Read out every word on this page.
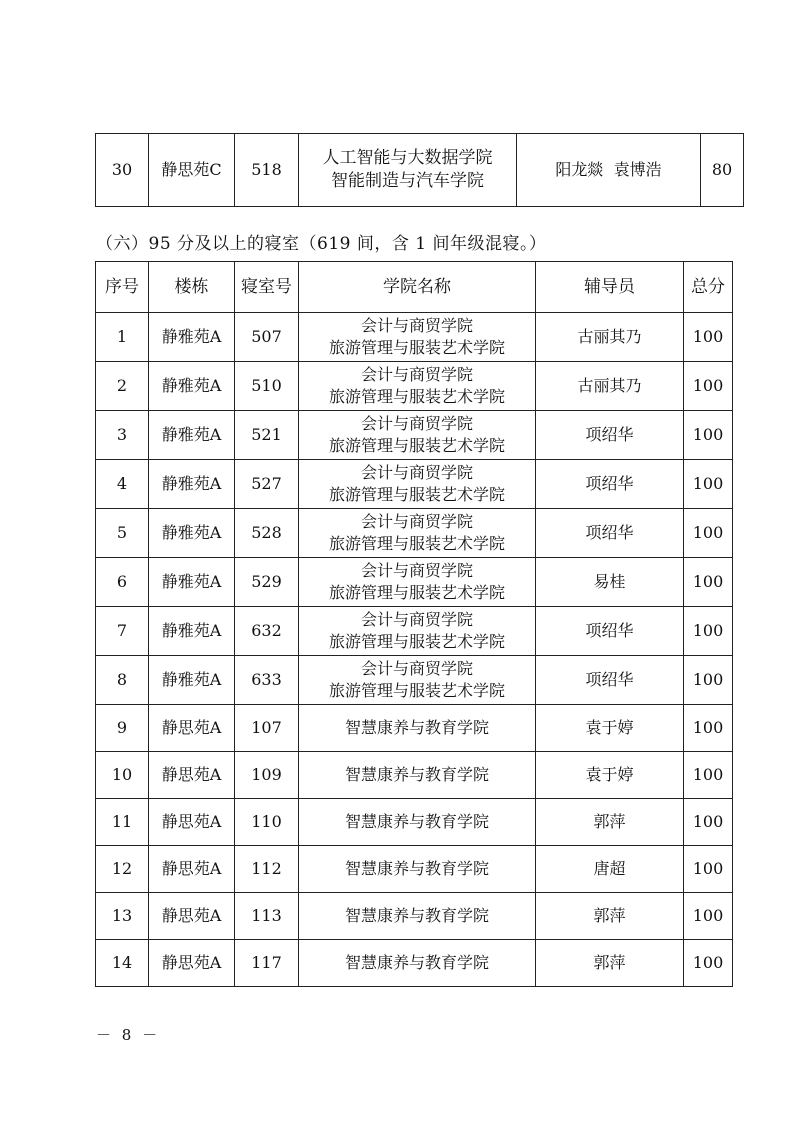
30	静思苑C	518	
人工智能与大数据学院
智能制造与汽车学院
	阳龙燚  袁博浩	80
（六）95 分及以上的寝室（619 间，含 1 间年级混寝。）
序号	楼栋	寝室号	学院名称	辅导员	总分
1	静雅苑A	507	会计与商贸学院
旅游管理与服装艺术学院	古丽其乃	100
2	静雅苑A	510	会计与商贸学院
旅游管理与服装艺术学院	古丽其乃	100
3	静雅苑A	521	会计与商贸学院
旅游管理与服装艺术学院	项绍华	100
4	静雅苑A	527	会计与商贸学院
旅游管理与服装艺术学院	项绍华	100
5	静雅苑A	528	会计与商贸学院
旅游管理与服装艺术学院	项绍华	100
6	静雅苑A	529	会计与商贸学院
旅游管理与服装艺术学院	易桂	100
7	静雅苑A	632	会计与商贸学院
旅游管理与服装艺术学院	项绍华	100
8	静雅苑A	633	会计与商贸学院
旅游管理与服装艺术学院	项绍华	100
9	静思苑A	107	智慧康养与教育学院	袁于婷	100
10	静思苑A	109	智慧康养与教育学院	袁于婷	100
11	静思苑A	110	智慧康养与教育学院	郭萍	100
12	静思苑A	112	智慧康养与教育学院	唐超	100
13	静思苑A	113	智慧康养与教育学院	郭萍	100
14	静思苑A	117	智慧康养与教育学院	郭萍	100
－ 8 －
